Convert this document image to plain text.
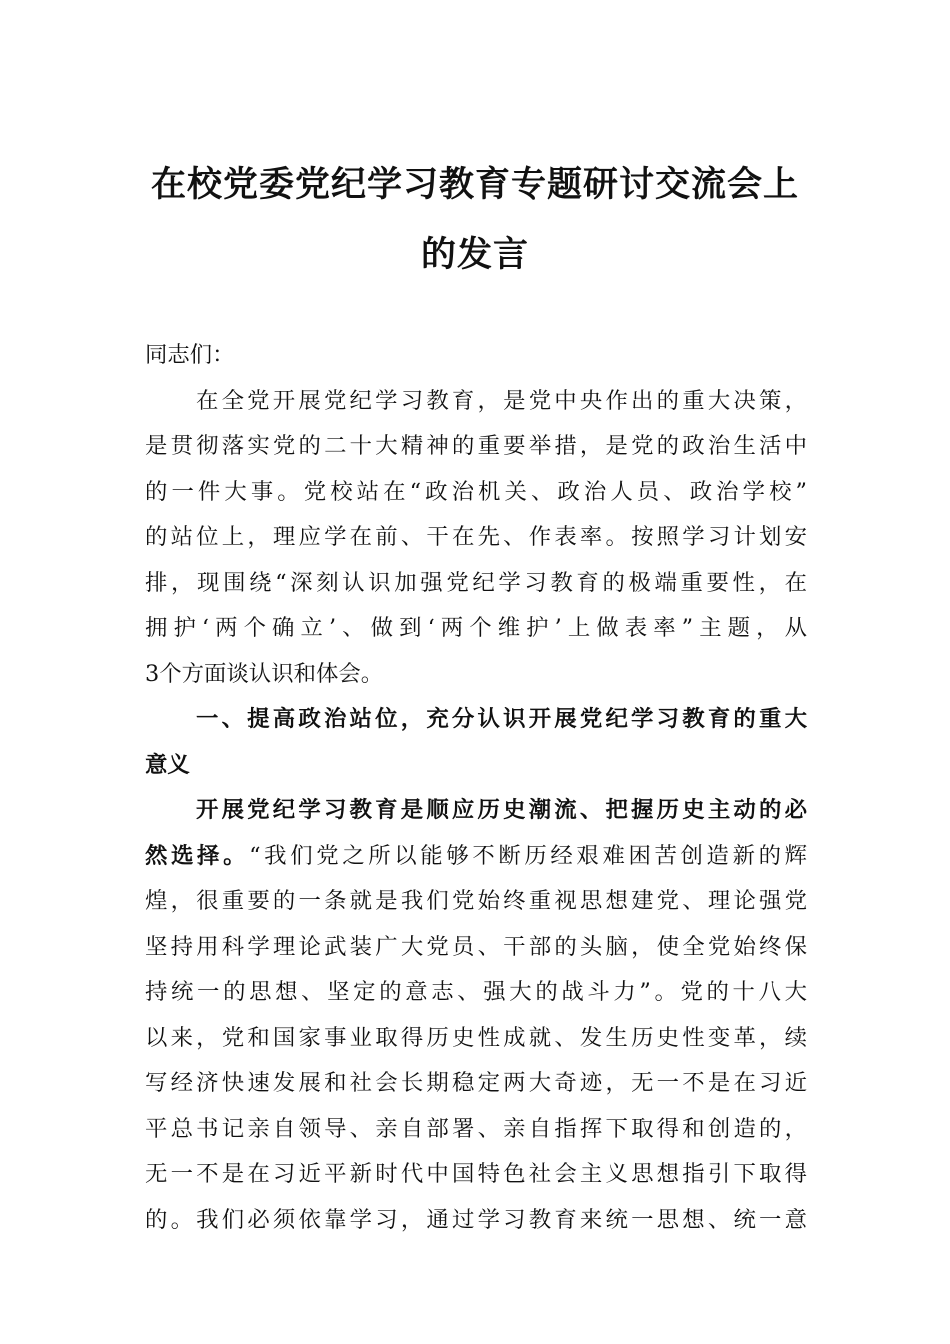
在校党委党纪学习教育专题研讨交流会上
的发言

同志们：

在全党开展党纪学习教育，是党中央作出的重大决策，

是贯彻落实党的二十大精神的重要举措，是党的政治生活中

的一件大事。党校站在“政治机关、政治人员、政治学校”

的站位上，理应学在前、干在先、作表率。按照学习计划安

排，现围绕“深刻认识加强党纪学习教育的极端重要性，在

拥护‘两个确立’、做到‘两个维护’上做表率”主题，从

3个方面谈认识和体会。

一、提高政治站位，充分认识开展党纪学习教育的重大

意义

开展党纪学习教育是顺应历史潮流、把握历史主动的必

然选择。“我们党之所以能够不断历经艰难困苦创造新的辉

煌，很重要的一条就是我们党始终重视思想建党、理论强党

坚持用科学理论武装广大党员、干部的头脑，使全党始终保

持统一的思想、坚定的意志、强大的战斗力”。党的十八大

以来，党和国家事业取得历史性成就、发生历史性变革，续

写经济快速发展和社会长期稳定两大奇迹，无一不是在习近

平总书记亲自领导、亲自部署、亲自指挥下取得和创造的，

无一不是在习近平新时代中国特色社会主义思想指引下取得

的。我们必须依靠学习，通过学习教育来统一思想、统一意
